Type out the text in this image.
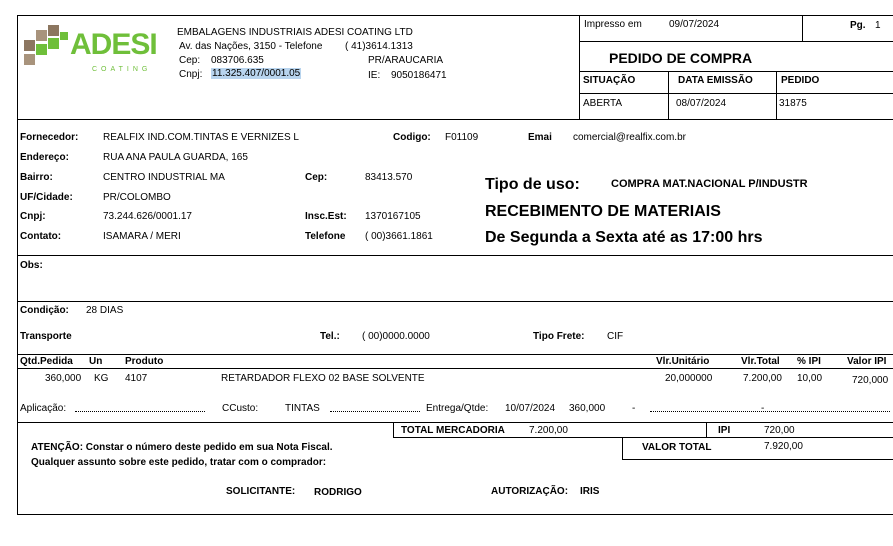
ADESI
COATING
EMBALAGENS INDUSTRIAIS ADESI COATING LTD
Av. das Nações, 3150 - Telefone ( 41)3614.1313
Cep: 083706.635	PR/ARAUCARIA
Cnpj: 11.325.407/0001.05	IE: 9050186471
Impresso em	09/07/2024	Pg. 1
PEDIDO DE COMPRA
SITUAÇÃO	DATA EMISSÃO	PEDIDO
ABERTA	08/07/2024	31875
Fornecedor: REALFIX IND.COM.TINTAS E VERNIZES L	Codigo: F01109	Emai comercial@realfix.com.br
Endereço:	RUA ANA PAULA GUARDA, 165
Bairro:	CENTRO INDUSTRIAL MA	Cep:	83413.570
UF/Cidade:	PR/COLOMBO
Cnpj:	73.244.626/0001.17	Insc.Est: 1370167105
Contato:	ISAMARA / MERI	Telefone ( 00)3661.1861
Tipo de uso:	COMPRA MAT.NACIONAL P/INDUSTR
RECEBIMENTO DE MATERIAIS
De Segunda a Sexta até as 17:00 hrs
Obs:
Condição: 28 DIAS
Transporte	Tel.: ( 00)0000.0000	Tipo Frete: CIF
Qtd.Pedida Un Produto	Vlr.Unitário	Vlr.Total % IPI	Valor IPI
360,000 KG 4107	RETARDADOR FLEXO 02 BASE SOLVENTE	20,000000	7.200,00 10,00	720,000
Aplicação:	CCusto:	TINTAS	Entrega/Qtde: 10/07/2024 360,000	-	-
TOTAL MERCADORIA 7.200,00	IPI	720,00
VALOR TOTAL	7.920,00
ATENÇÃO: Constar o número deste pedido em sua Nota Fiscal.
Qualquer assunto sobre este pedido, tratar com o comprador:
SOLICITANTE: RODRIGO	AUTORIZAÇÃO: IRIS
